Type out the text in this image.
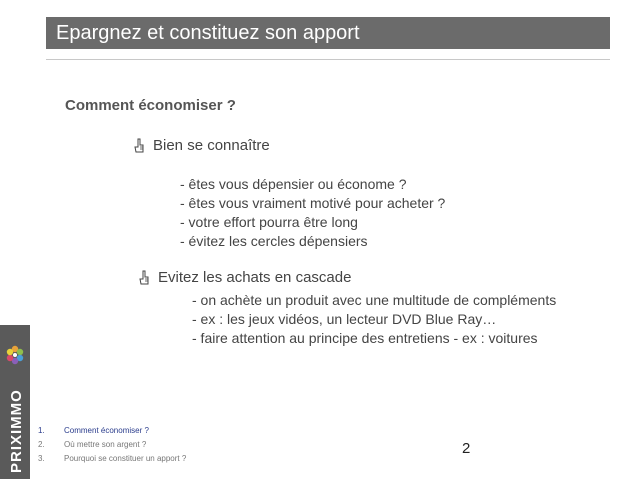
Epargnez et constituez son apport
Comment économiser ?
Bien se connaître
- êtes vous dépensier ou économe ?
- êtes vous vraiment motivé pour acheter ?
- votre effort pourra être long
- évitez les cercles dépensiers
Evitez les achats en cascade
- on achète un produit avec une multitude de compléments
- ex : les jeux vidéos, un lecteur DVD Blue Ray…
- faire attention au principe des entretiens - ex : voitures
PRIXIMMO 1.	Comment économiser ?
2.	Où mettre son argent ?
3.	Pourquoi se constituer un apport ?
2
